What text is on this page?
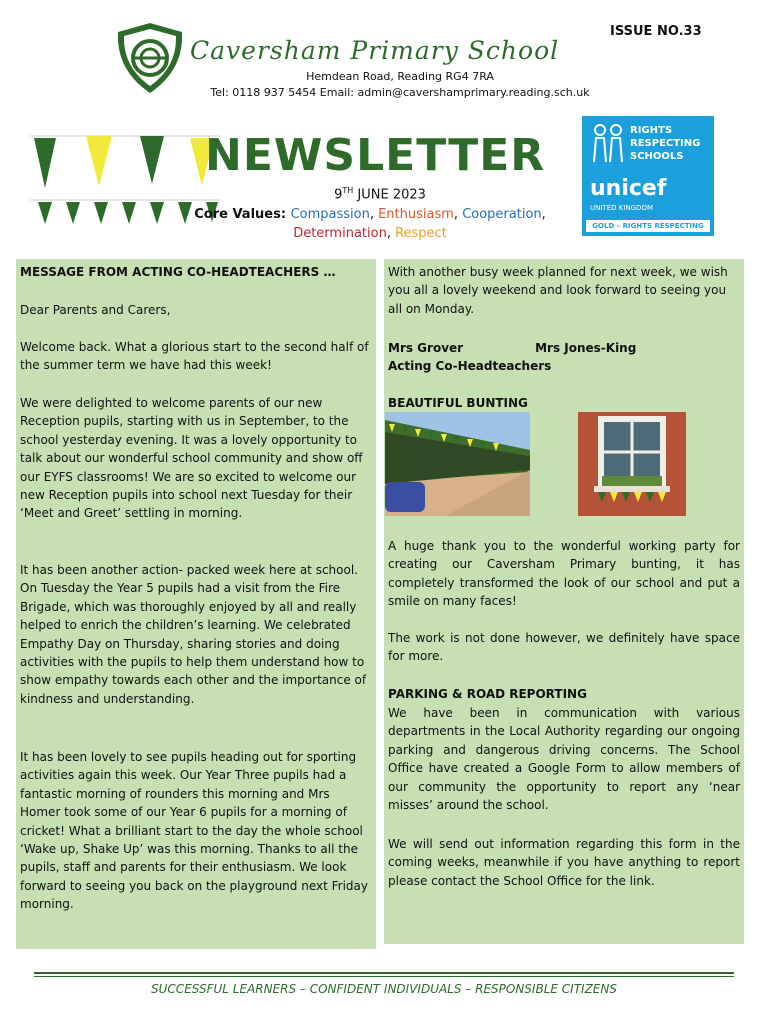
Caversham Primary School
ISSUE NO.33
Hemdean Road, Reading RG4 7RA
Tel: 0118 937 5454 Email: admin@cavershamprimary.reading.sch.uk
NEWSLETTER
9TH JUNE 2023
Core Values: Compassion, Enthusiasm, Cooperation,
Determination, Respect
RIGHTS
RESPECTING
SCHOOLS
unicef
UNITED KINGDOM
GOLD – RIGHTS RESPECTING

MESSAGE FROM ACTING CO-HEADTEACHERS …

Dear Parents and Carers,

Welcome back. What a glorious start to the second half of the summer term we have had this week!

We were delighted to welcome parents of our new Reception pupils, starting with us in September, to the school yesterday evening. It was a lovely opportunity to talk about our wonderful school community and show off our EYFS classrooms! We are so excited to welcome our new Reception pupils into school next Tuesday for their ‘Meet and Greet’ settling in morning.

It has been another action- packed week here at school. On Tuesday the Year 5 pupils had a visit from the Fire Brigade, which was thoroughly enjoyed by all and really helped to enrich the children’s learning. We celebrated Empathy Day on Thursday, sharing stories and doing activities with the pupils to help them understand how to show empathy towards each other and the importance of kindness and understanding.

It has been lovely to see pupils heading out for sporting activities again this week. Our Year Three pupils had a fantastic morning of rounders this morning and Mrs Homer took some of our Year 6 pupils for a morning of cricket! What a brilliant start to the day the whole school ‘Wake up, Shake Up’ was this morning. Thanks to all the pupils, staff and parents for their enthusiasm. We look forward to seeing you back on the playground next Friday morning.

With another busy week planned for next week, we wish you all a lovely weekend and look forward to seeing you all on Monday.

Mrs Grover	Mrs Jones-King

Acting Co-Headteachers

BEAUTIFUL BUNTING

A huge thank you to the wonderful working party for creating our Caversham Primary bunting, it has completely transformed the look of our school and put a smile on many faces!

The work is not done however, we definitely have space for more.

PARKING & ROAD REPORTING

We have been in communication with various departments in the Local Authority regarding our ongoing parking and dangerous driving concerns. The School Office have created a Google Form to allow members of our community the opportunity to report any ‘near misses’ around the school.

We will send out information regarding this form in the coming weeks, meanwhile if you have anything to report please contact the School Office for the link.

SUCCESSFUL LEARNERS – CONFIDENT INDIVIDUALS – RESPONSIBLE CITIZENS
